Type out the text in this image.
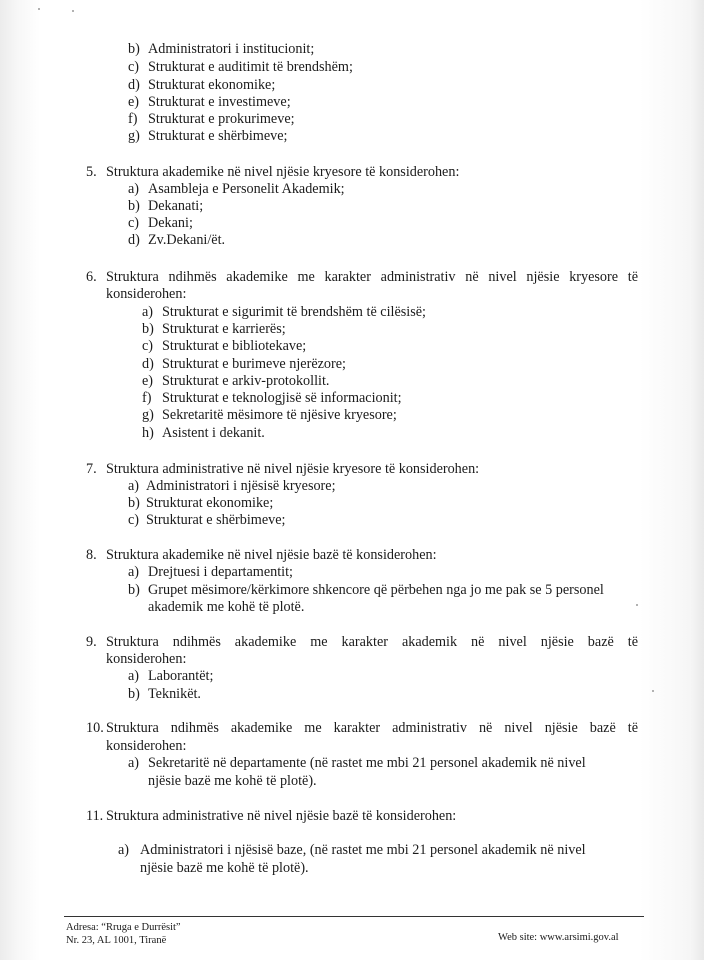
b) Administratori i institucionit;
c) Strukturat e auditimit të brendshëm;
d) Strukturat ekonomike;
e) Strukturat e investimeve;
f) Strukturat e prokurimeve;
g) Strukturat e shërbimeve;
5. Struktura akademike në nivel njësie kryesore të konsiderohen:
a) Asambleja e Personelit Akademik;
b) Dekanati;
c) Dekani;
d) Zv.Dekani/ët.
6. Struktura ndihmës akademike me karakter administrativ në nivel njësie kryesore të
konsiderohen:
a) Strukturat e sigurimit të brendshëm të cilësisë;
b) Strukturat e karrierës;
c) Strukturat e bibliotekave;
d) Strukturat e burimeve njerëzore;
e) Strukturat e arkiv-protokollit.
f) Strukturat e teknologjisë së informacionit;
g) Sekretaritë mësimore të njësive kryesore;
h) Asistent i dekanit.
7. Struktura administrative në nivel njësie kryesore të konsiderohen:
a) Administratori i njësisë kryesore;
b) Strukturat ekonomike;
c) Strukturat e shërbimeve;
8. Struktura akademike në nivel njësie bazë të konsiderohen:
a) Drejtuesi i departamentit;
b) Grupet mësimore/kërkimore shkencore që përbehen nga jo me pak se 5 personel
akademik me kohë të plotë.
9. Struktura ndihmës akademike me karakter akademik në nivel njësie bazë të
konsiderohen:
a) Laborantët;
b) Teknikët.
10. Struktura ndihmës akademike me karakter administrativ në nivel njësie bazë të
konsiderohen:
a) Sekretaritë në departamente (në rastet me mbi 21 personel akademik në nivel
njësie bazë me kohë të plotë).
11. Struktura administrative në nivel njësie bazë të konsiderohen:
a) Administratori i njësisë baze, (në rastet me mbi 21 personel akademik në nivel
njësie bazë me kohë të plotë).
Adresa: “Rruga e Durrësit”
Nr. 23, AL 1001, Tiranë	Web site: www.arsimi.gov.al
